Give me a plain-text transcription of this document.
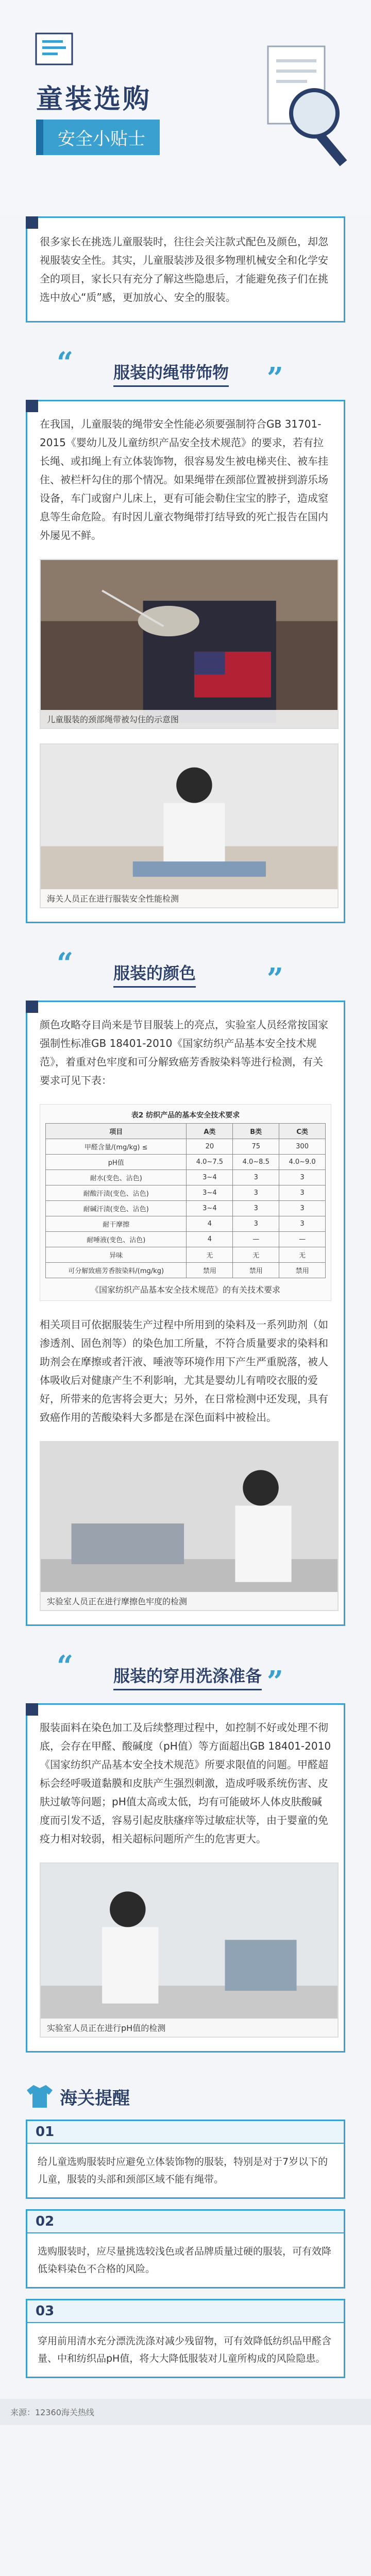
童装选购
安全小贴士

很多家长在挑选儿童服装时，往往会关注款式配色及颜色，却忽视服装安全性。其实，儿童服装涉及很多物理机械安全和化学安全的项目，家长只有充分了解这些隐患后，才能避免孩子们在挑选中放心“质”感，更加放心、安全的服装。

“ 服装的绳带饰物 ”

在我国，儿童服装的绳带安全性能必须要强制符合GB 31701-2015《婴幼儿及儿童纺织产品安全技术规范》的要求，若有拉长绳、或扣绳上有立体装饰物，很容易发生被电梯夹住、被车挂住、被栏杆勾住的那个情况。如果绳带在颈部位置被拼到游乐场设备，车门或窗户儿床上，更有可能会勒住宝宝的脖子，造成窒息等生命危险。有时因儿童衣物绳带打结导致的死亡报告在国内外屡见不鲜。

儿童服装的颈部绳带被勾住的示意图
海关人员正在进行服装安全性能检测
“ 服装的颜色 ”

颜色攻略夺目尚来是节目服装上的亮点，实验室人员经常按国家强制性标准GB 18401-2010《国家纺织产品基本安全技术规范》，着重对色牢度和可分解致癌芳香胺染料等进行检测，有关要求可见下表：

表2 纺织产品的基本安全技术要求
项目	A类	B类	C类
甲醛含量/(mg/kg) ≤	20	75	300
pH值	4.0~7.5	4.0~8.5	4.0~9.0
耐水(变色、沾色)	3~4	3	3
耐酸汗渍(变色、沾色)	3~4	3	3
耐碱汗渍(变色、沾色)	3~4	3	3
耐干摩擦	4	3	3
耐唾液(变色、沾色)	4	—	—
异味	无	无	无
可分解致癌芳香胺染料/(mg/kg)	禁用	禁用	禁用
《国家纺织产品基本安全技术规范》的有关技术要求

相关项目可依据服装生产过程中所用到的染料及一系列助剂（如渗透剂、固色剂等）的染色加工所量，不符合质量要求的染料和助剂会在摩擦或者汗液、唾液等环境作用下产生严重脱落，被人体吸收后对健康产生不利影响，尤其是婴幼儿有啃咬衣服的爱好，所带来的危害将会更大；另外，在日常检测中还发现，具有致癌作用的苦酸染料大多都是在深色面料中被检出。

实验室人员正在进行摩擦色牢度的检测
“ 服装的穿用洗涤准备 ”

服装面料在染色加工及后续整理过程中，如控制不好或处理不彻底，会存在甲醛、酸碱度（pH值）等方面超出GB 18401-2010《国家纺织产品基本安全技术规范》所要求限值的问题。甲醛超标会经呼吸道黏膜和皮肤产生强烈刺激，造成呼吸系统伤害、皮肤过敏等问题；pH值太高或太低，均有可能破坏人体皮肤酸碱度而引发不适，容易引起皮肤瘙痒等过敏症状等，由于婴童的免疫力相对较弱，相关超标问题所产生的危害更大。

实验室人员正在进行pH值的检测
海关提醒
01
给儿童选购服装时应避免立体装饰物的服装，特别是对于7岁以下的儿童，服装的头部和颈部区域不能有绳带。
02
选购服装时，应尽量挑选较浅色或者品牌质量过硬的服装，可有效降低染料染色不合格的风险。
03
穿用前用清水充分漂洗洗涤对减少残留物，可有效降低纺织品甲醛含量、中和纺织品pH值，将大大降低服装对儿童所构成的风险隐患。
来源：12360海关热线
